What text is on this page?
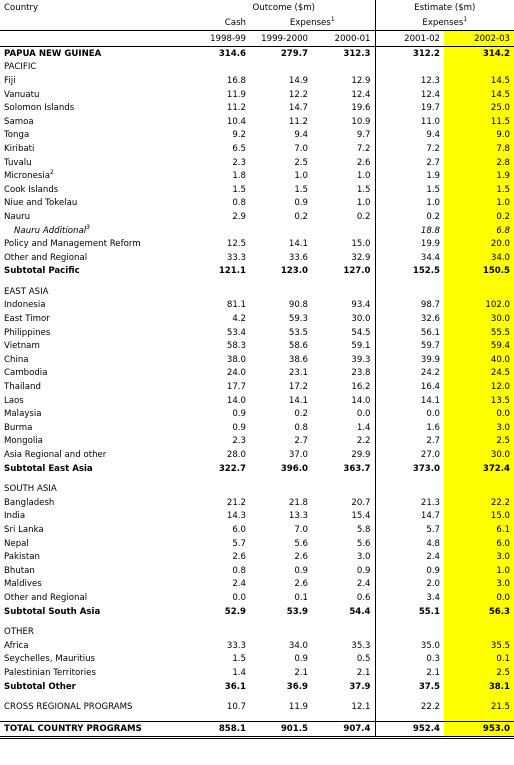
Country	Outcome ($m)			Estimate ($m)	
	Cash	Expenses$^1$		Expenses$^1$
	1998-99	1999-2000	2000-01	2001-02	2002-03
PAPUA NEW GUINEA	314.6	279.7	312.3	312.2	314.2
PACIFIC					
Fiji	16.8	14.9	12.9	12.3	14.5
Vanuatu	11.9	12.2	12.4	12.4	14.5
Solomon Islands	11.2	14.7	19.6	19.7	25.0
Samoa	10.4	11.2	10.9	11.0	11.5
Tonga	9.2	9.4	9.7	9.4	9.0
Kiribati	6.5	7.0	7.2	7.2	7.8
Tuvalu	2.3	2.5	2.6	2.7	2.8
Micronesia$^2$	1.8	1.0	1.0	1.9	1.9
Cook Islands	1.5	1.5	1.5	1.5	1.5
Niue and Tokelau	0.8	0.9	1.0	1.0	1.0
Nauru	2.9	0.2	0.2	0.2	0.2
Nauru Additional$^3$				18.8	6.8
Policy and Management Reform	12.5	14.1	15.0	19.9	20.0
Other and Regional	33.3	33.6	32.9	34.4	34.0
Subtotal Pacific	121.1	123.0	127.0	152.5	150.5

EAST ASIA					
Indonesia	81.1	90.8	93.4	98.7	102.0
East Timor	4.2	59.3	30.0	32.6	30.0
Philippines	53.4	53.5	54.5	56.1	55.5
Vietnam	58.3	58.6	59.1	59.7	59.4
China	38.0	38.6	39.3	39.9	40.0
Cambodia	24.0	23.1	23.8	24.2	24.5
Thailand	17.7	17.2	16.2	16.4	12.0
Laos	14.0	14.1	14.0	14.1	13.5
Malaysia	0.9	0.2	0.0	0.0	0.0
Burma	0.9	0.8	1.4	1.6	3.0
Mongolia	2.3	2.7	2.2	2.7	2.5
Asia Regional and other	28.0	37.0	29.9	27.0	30.0
Subtotal East Asia	322.7	396.0	363.7	373.0	372.4

SOUTH ASIA					
Bangladesh	21.2	21.8	20.7	21.3	22.2
India	14.3	13.3	15.4	14.7	15.0
Sri Lanka	6.0	7.0	5.8	5.7	6.1
Nepal	5.7	5.6	5.6	4.8	6.0
Pakistan	2.6	2.6	3.0	2.4	3.0
Bhutan	0.8	0.9	0.9	0.9	1.0
Maldives	2.4	2.6	2.4	2.0	3.0
Other and Regional	0.0	0.1	0.6	3.4	0.0
Subtotal South Asia	52.9	53.9	54.4	55.1	56.3

OTHER					
Africa	33.3	34.0	35.3	35.0	35.5
Seychelles, Mauritius	1.5	0.9	0.5	0.3	0.1
Palestinian Territories	1.4	2.1	2.1	2.1	2.5
Subtotal Other	36.1	36.9	37.9	37.5	38.1

CROSS REGIONAL PROGRAMS	10.7	11.9	12.1	22.2	21.5

TOTAL COUNTRY PROGRAMS	858.1	901.5	907.4	952.4	953.0
